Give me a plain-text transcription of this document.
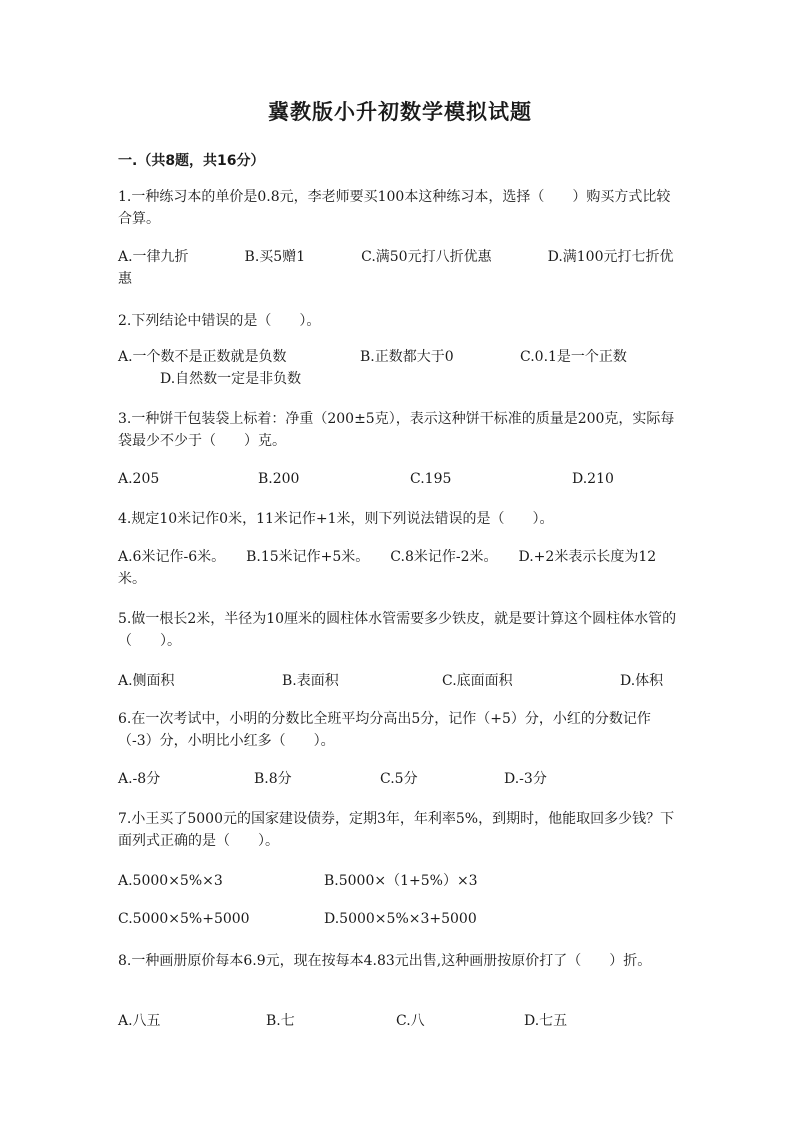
冀教版小升初数学模拟试题
一.（共8题，共16分）
1.一种练习本的单价是0.8元，李老师要买100本这种练习本，选择（　　）购买方式比较合算。
A.一律九折　　　　B.买5赠1　　　　C.满50元打八折优惠　　　　D.满100元打七折优惠
2.下列结论中错误的是（　　）。
A.一个数不是正数就是负数	B.正数都大于0	C.0.1是一个正数
D.自然数一定是非负数
3.一种饼干包装袋上标着：净重（200±5克），表示这种饼干标准的质量是200克，实际每袋最少不少于（　　）克。
A.205	B.200	C.195	D.210
4.规定10米记作0米，11米记作+1米，则下列说法错误的是（　　）。
A.6米记作-6米。　　B.15米记作+5米。　　C.8米记作-2米。　　D.+2米表示长度为12米。
5.做一根长2米，半径为10厘米的圆柱体水管需要多少铁皮，就是要计算这个圆柱体水管的（　　）。
A.侧面积	B.表面积	C.底面面积	D.体积
6.在一次考试中，小明的分数比全班平均分高出5分，记作（+5）分，小红的分数记作（-3）分，小明比小红多（　　）。
A.-8分	B.8分	C.5分	D.-3分
7.小王买了5000元的国家建设债券，定期3年，年利率5%，到期时，他能取回多少钱？下面列式正确的是（　　）。
A.5000×5%×3	B.5000×（1+5%）×3
C.5000×5%+5000	D.5000×5%×3+5000
8.一种画册原价每本6.9元，现在按每本4.83元出售,这种画册按原价打了（　　）折。
A.八五	B.七	C.八	D.七五
